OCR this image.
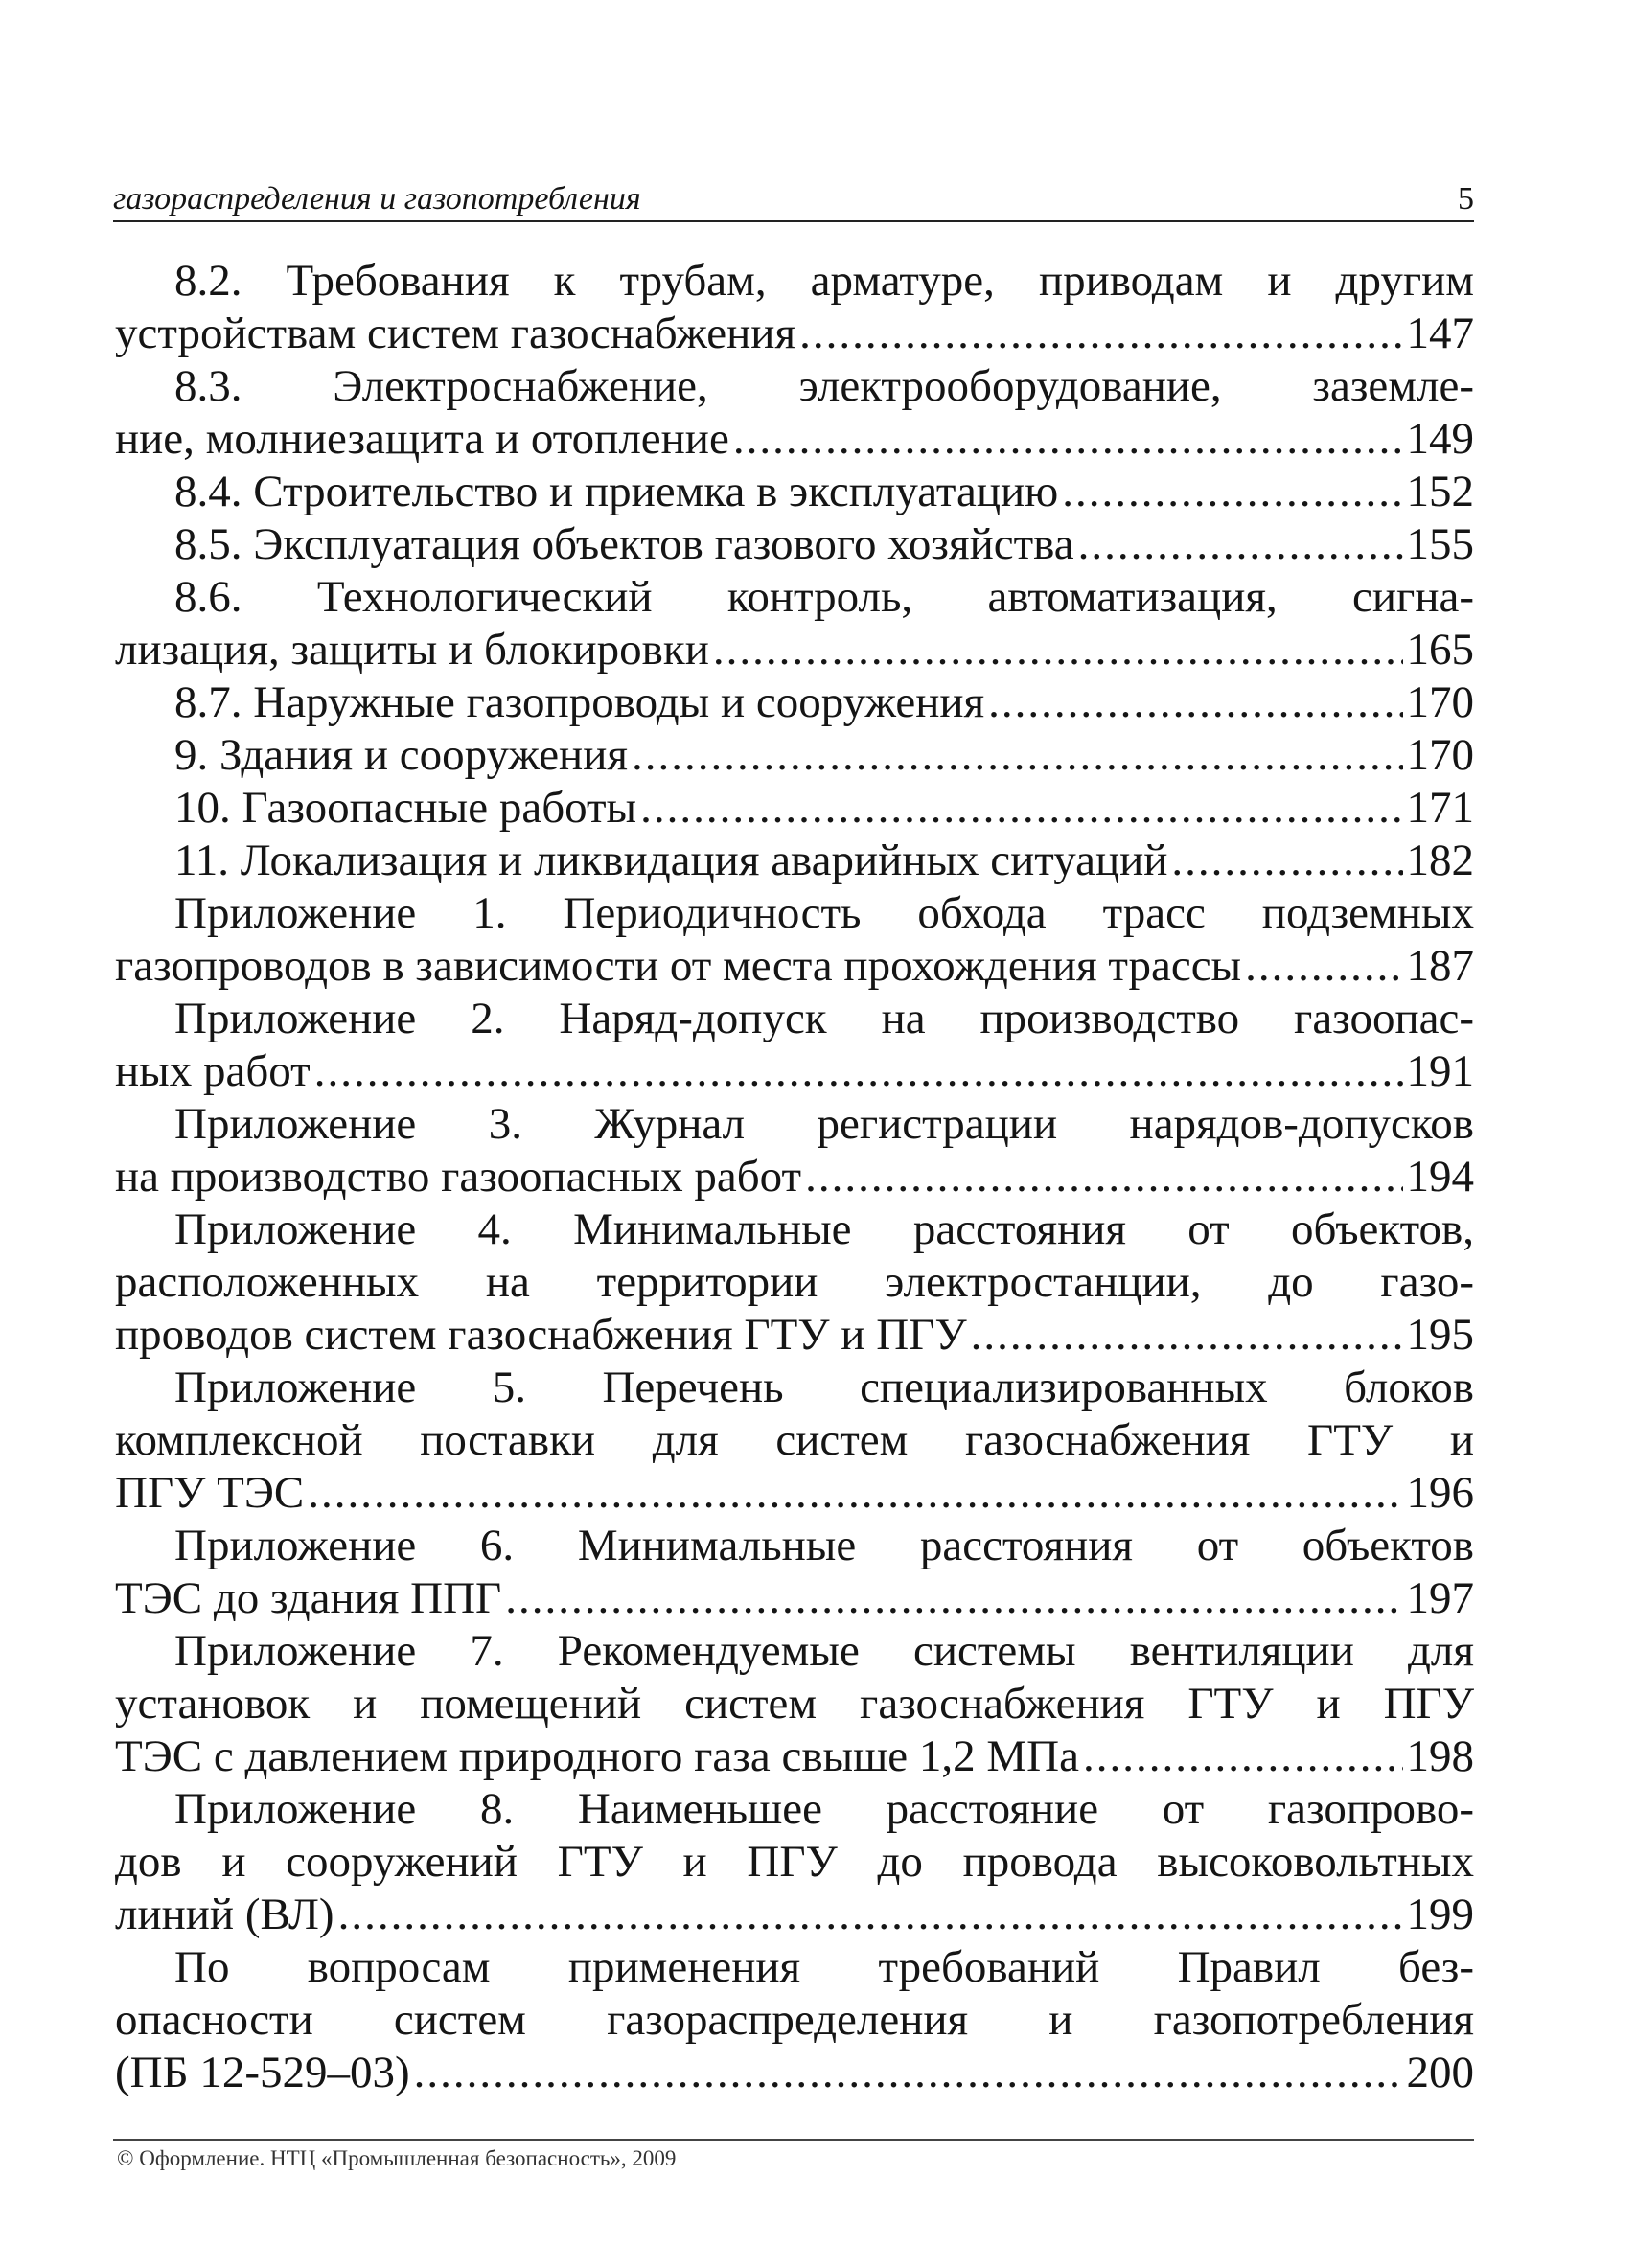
газораспределения и газопотребления	5
8.2. Требования к трубам, арматуре, приводам и другим
устройствам систем газоснабжения .....	147
8.3. Электроснабжение, электрооборудование, заземле-
ние, молниезащита и отопление .....	149
8.4. Строительство и приемка в эксплуатацию .....	152
8.5. Эксплуатация объектов газового хозяйства .....	155
8.6. Технологический контроль, автоматизация, сигна-
лизация, защиты и блокировки .....	165
8.7. Наружные газопроводы и сооружения .....	170
9. Здания и сооружения .....	170
10. Газоопасные работы .....	171
11. Локализация и ликвидация аварийных ситуаций .....	182
Приложение 1. Периодичность обхода трасс подземных
газопроводов в зависимости от места прохождения трассы .....	187
Приложение 2. Наряд-допуск на производство газоопас-
ных работ .....	191
Приложение 3. Журнал регистрации нарядов-допусков
на производство газоопасных работ .....	194
Приложение 4. Минимальные расстояния от объектов,
расположенных на территории электростанции, до газо-
проводов систем газоснабжения ГТУ и ПГУ .....	195
Приложение 5. Перечень специализированных блоков
комплексной поставки для систем газоснабжения ГТУ и
ПГУ ТЭС .....	196
Приложение 6. Минимальные расстояния от объектов
ТЭС до здания ППГ .....	197
Приложение 7. Рекомендуемые системы вентиляции для
установок и помещений систем газоснабжения ГТУ и ПГУ
ТЭС с давлением природного газа свыше 1,2 МПа .....	198
Приложение 8. Наименьшее расстояние от газопрово-
дов и сооружений ГТУ и ПГУ до провода высоковольтных
линий (ВЛ) .....	199
По вопросам применения требований Правил без-
опасности систем газораспределения и газопотребления
(ПБ 12-529–03) .....	200
© Оформление. НТЦ «Промышленная безопасность», 2009
